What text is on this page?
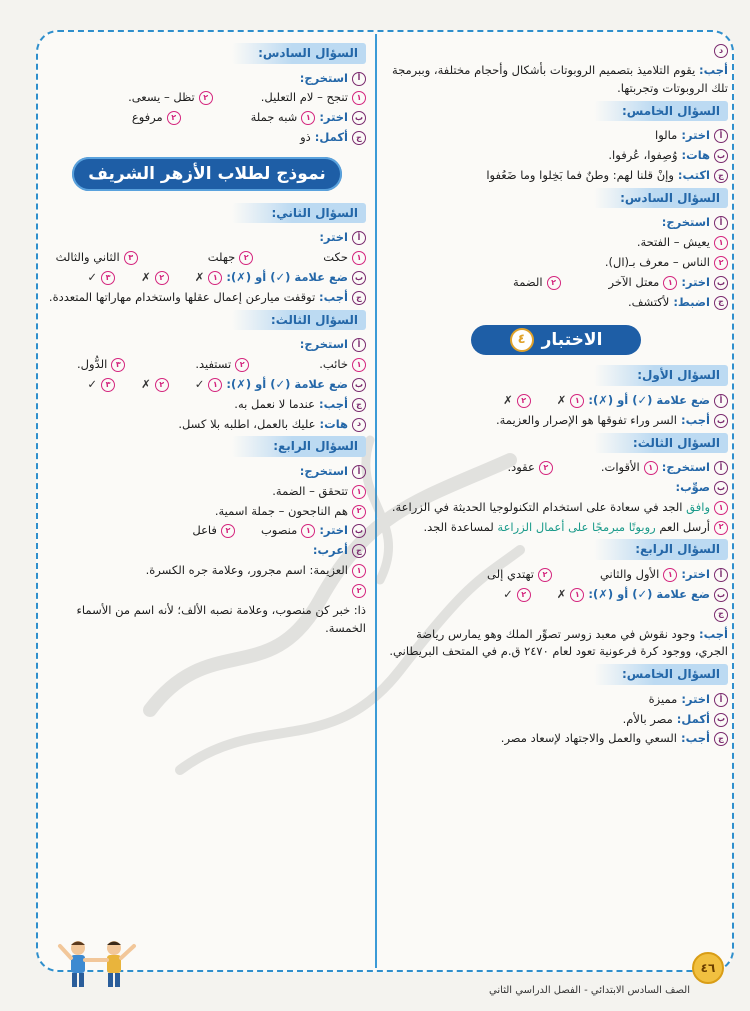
د
أجب: يقوم التلاميذ بتصميم الروبوتات بأشكال وأحجام مختلفة، وببرمجة تلك الروبوتات وتجربتها.
السؤال الخامس:
أ
اختر:
مالوا
ب
هات:
وُصِفوا، عُرفوا.
ج
اكتب:
وإنْ قلنا لهم: وطنٌ فما بَخِلوا وما ضَعُفوا
السؤال السادس:
أ
استخرج:
١
يعيش – الفتحة.
٢
الناس – معرف بـ(ال).
ب
اختر:
١
معتل الآخر
٢
الضمة
ج
اضبط:
لأكتشف.
الاختبار
٤
السؤال الأول:
أ
ضع علامة (✓) أو (✗):
١
✗
٢
✗
ب
أجب:
السر وراء تفوقها هو الإصرار والعزيمة.
السؤال الثالث:
أ
استخرج:
١
الأقوات.
٢
عقود.
ب
صوِّب:
١
وافق الجد في سعادة على استخدام التكنولوجيا الحديثة في الزراعة.
٢
أرسل العم روبوتًا مبرمجًا على أعمال الزراعة لمساعدة الجد.
السؤال الرابع:
أ
اختر:
١
الأول والثاني
٢
تهتدي إلى
ب
ضع علامة (✓) أو (✗):
١
✗
٢
✓
ج
أجب: وجود نقوش في معبد زوسر تصوِّر الملك وهو يمارس رياضة الجري، ووجود كرة فرعونية تعود لعام ٢٤٧٠ ق.م في المتحف البريطاني.
السؤال الخامس:
أ
اختر:
مميزة
ب
أكمل:
مصر بالأم.
ج
أجب:
السعي والعمل والاجتهاد لإسعاد مصر.
السؤال السادس:
أ
استخرج:
١
تنجح – لام التعليل.
٢
تظل – يسعى.
ب
اختر:
١
شبه جملة
٢
مرفوع
ج
أكمل:
ذو
نموذج لطلاب الأزهر الشريف
السؤال الثاني:
أ
اختر:
١
حكت
٢
جهلت
٣
الثاني والثالث
ب
ضع علامة (✓) أو (✗):
١
✗
٢
✗
٣
✓
ج
أجب: توقفت ميارعن إعمال عقلها واستخدام مهاراتها المتعددة.
السؤال الثالث:
أ
استخرج:
١
خائب.
٢
تستفيد.
٣
الدُّول.
ب
ضع علامة (✓) أو (✗):
١
✓
٢
✗
٣
✓
ج
أجب:
عندما لا نعمل به.
د
هات:
عليك بالعمل، اطلبه بلا كسل.
السؤال الرابع:
أ
استخرج:
١
تتحقق – الضمة.
٢
هم الناجحون – جملة اسمية.
ب
اختر:
١
منصوب
٢
فاعل
ج
أعرب:
١
العزيمة: اسم مجرور، وعلامة جره الكسرة.
٢
ذا: خبر كن منصوب، وعلامة نصبه الألف؛ لأنه اسم من الأسماء الخمسة.
٤٦
الصف السادس الابتدائي - الفصل الدراسي الثاني
